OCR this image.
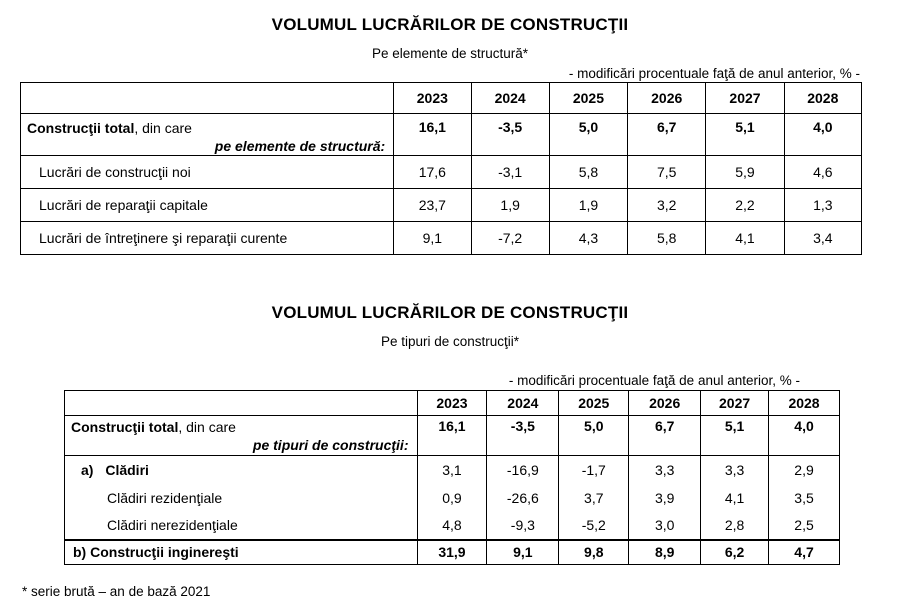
VOLUMUL LUCRĂRILOR DE CONSTRUCŢII
Pe elemente de structură*
- modificări procentuale faţă de anul anterior, % -
	2023	2024	2025	2026	2027	2028
Construcţii total, din care
pe elemente de structură:	16,1	-3,5	5,0	6,7	5,1	4,0
Lucrări de construcţii noi	17,6	-3,1	5,8	7,5	5,9	4,6
Lucrări de reparaţii capitale	23,7	1,9	1,9	3,2	2,2	1,3
Lucrări de întreţinere şi reparaţii curente	9,1	-7,2	4,3	5,8	4,1	3,4
VOLUMUL LUCRĂRILOR DE CONSTRUCŢII
Pe tipuri de construcţii*
- modificări procentuale faţă de anul anterior, % -
	2023	2024	2025	2026	2027	2028
Construcţii total, din care
pe tipuri de construcţii:	16,1	-3,5	5,0	6,7	5,1	4,0
a) Clădiri	3,1	-16,9	-1,7	3,3	3,3	2,9
Clădiri rezidenţiale	0,9	-26,6	3,7	3,9	4,1	3,5
Clădiri nerezidenţiale	4,8	-9,3	-5,2	3,0	2,8	2,5
b) Construcţii inginereşti	31,9	9,1	9,8	8,9	6,2	4,7
* serie brută – an de bază 2021
